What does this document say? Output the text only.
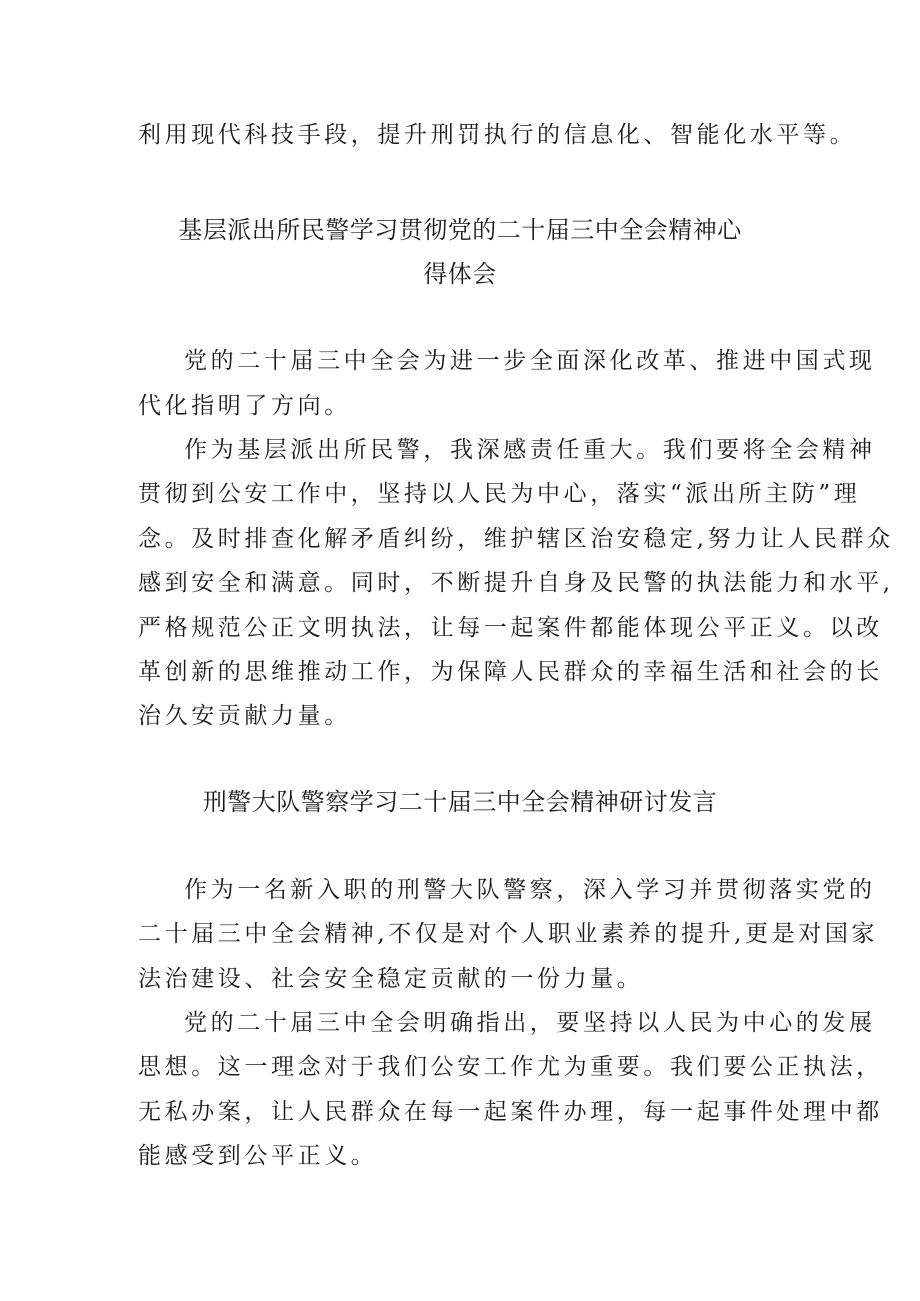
利用现代科技手段，提升刑罚执行的信息化、智能化水平等。
基层派出所民警学习贯彻党的二十届三中全会精神心
得体会
党的二十届三中全会为进一步全面深化改革、推进中国式现
代化指明了方向。
作为基层派出所民警，我深感责任重大。我们要将全会精神
贯彻到公安工作中，坚持以人民为中心，落实“派出所主防”理
念。及时排查化解矛盾纠纷，维护辖区治安稳定,努力让人民群众
感到安全和满意。同时，不断提升自身及民警的执法能力和水平,
严格规范公正文明执法，让每一起案件都能体现公平正义。以改
革创新的思维推动工作，为保障人民群众的幸福生活和社会的长
治久安贡献力量。
刑警大队警察学习二十届三中全会精神研讨发言
作为一名新入职的刑警大队警察，深入学习并贯彻落实党的
二十届三中全会精神,不仅是对个人职业素养的提升,更是对国家
法治建设、社会安全稳定贡献的一份力量。
党的二十届三中全会明确指出，要坚持以人民为中心的发展
思想。这一理念对于我们公安工作尤为重要。我们要公正执法，
无私办案，让人民群众在每一起案件办理，每一起事件处理中都
能感受到公平正义。
